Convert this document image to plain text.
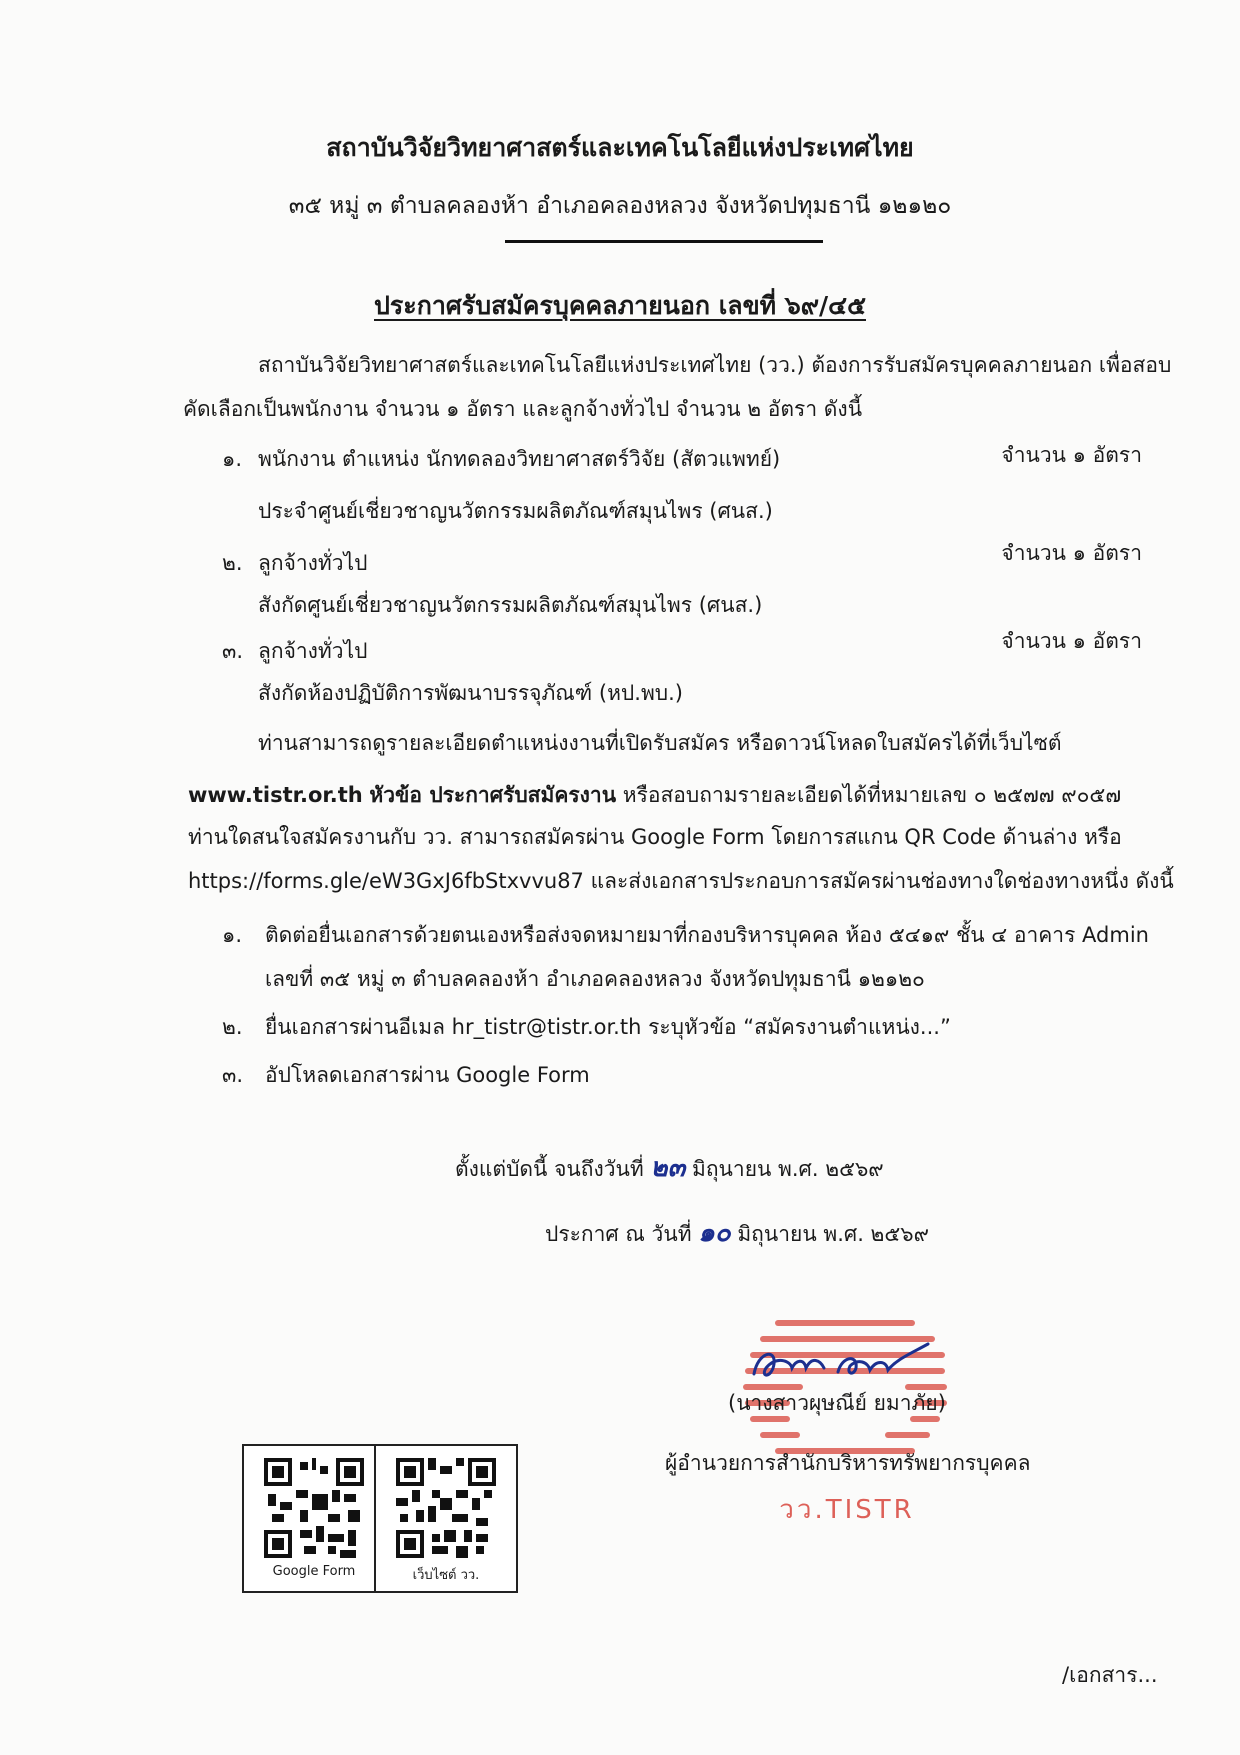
สถาบันวิจัยวิทยาศาสตร์และเทคโนโลยีแห่งประเทศไทย
๓๕ หมู่ ๓ ตำบลคลองห้า อำเภอคลองหลวง จังหวัดปทุมธานี ๑๒๑๒๐
ประกาศรับสมัครบุคคลภายนอก เลขที่ ๖๙/๔๕
สถาบันวิจัยวิทยาศาสตร์และเทคโนโลยีแห่งประเทศไทย (วว.) ต้องการรับสมัครบุคคลภายนอก เพื่อสอบ
คัดเลือกเป็นพนักงาน จำนวน ๑ อัตรา และลูกจ้างทั่วไป จำนวน ๒ อัตรา ดังนี้
๑. พนักงาน ตำแหน่ง นักทดลองวิทยาศาสตร์วิจัย (สัตวแพทย์)	จำนวน ๑ อัตรา
ประจำศูนย์เชี่ยวชาญนวัตกรรมผลิตภัณฑ์สมุนไพร (ศนส.)
๒. ลูกจ้างทั่วไป	จำนวน ๑ อัตรา
สังกัดศูนย์เชี่ยวชาญนวัตกรรมผลิตภัณฑ์สมุนไพร (ศนส.)
๓. ลูกจ้างทั่วไป	จำนวน ๑ อัตรา
สังกัดห้องปฏิบัติการพัฒนาบรรจุภัณฑ์ (หป.พบ.)
ท่านสามารถดูรายละเอียดตำแหน่งงานที่เปิดรับสมัคร หรือดาวน์โหลดใบสมัครได้ที่เว็บไซต์
www.tistr.or.th หัวข้อ ประกาศรับสมัครงาน หรือสอบถามรายละเอียดได้ที่หมายเลข ๐ ๒๕๗๗ ๙๐๕๗
ท่านใดสนใจสมัครงานกับ วว. สามารถสมัครผ่าน Google Form โดยการสแกน QR Code ด้านล่าง หรือ
https://forms.gle/eW3GxJ6fbStxvvu87 และส่งเอกสารประกอบการสมัครผ่านช่องทางใดช่องทางหนึ่ง ดังนี้
๑. ติดต่อยื่นเอกสารด้วยตนเองหรือส่งจดหมายมาที่กองบริหารบุคคล ห้อง ๕๔๑๙ ชั้น ๔ อาคาร Admin
เลขที่ ๓๕ หมู่ ๓ ตำบลคลองห้า อำเภอคลองหลวง จังหวัดปทุมธานี ๑๒๑๒๐
๒. ยื่นเอกสารผ่านอีเมล hr_tistr@tistr.or.th ระบุหัวข้อ “สมัครงานตำแหน่ง...”
๓. อัปโหลดเอกสารผ่าน Google Form
ตั้งแต่บัดนี้ จนถึงวันที่ ๒๓ มิถุนายน พ.ศ. ๒๕๖๙
ประกาศ ณ วันที่ ๑๐ มิถุนายน พ.ศ. ๒๕๖๙
วว.TISTR
(นางสาวผุษณีย์ ยมาภัย)
ผู้อำนวยการสำนักบริหารทรัพยากรบุคคล
Google Form	เว็บไซต์ วว.
/เอกสาร...
